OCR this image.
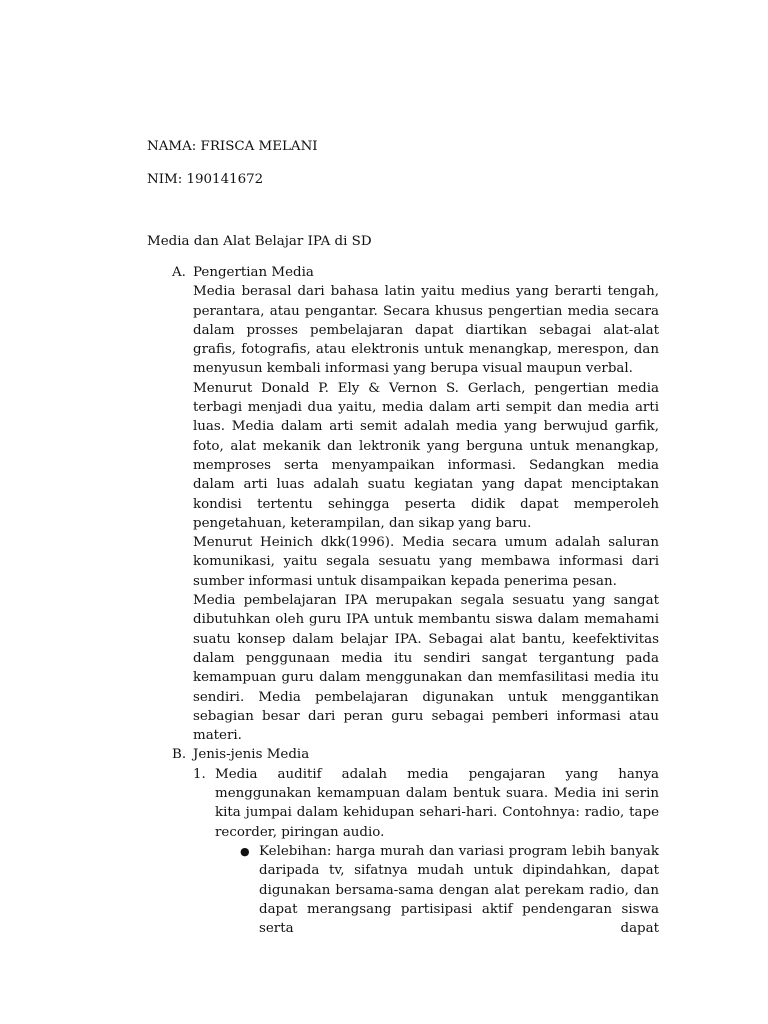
NAMA: FRISCA MELANI

NIM: 190141672

Media dan Alat Belajar IPA di SD

A. Pengertian Media
Media berasal dari bahasa latin yaitu medius yang berarti tengah, perantara, atau pengantar. Secara khusus pengertian media secara dalam prosses pembelajaran dapat diartikan sebagai alat-alat grafis, fotografis, atau elektronis untuk menangkap, merespon, dan menyusun kembali informasi yang berupa visual maupun verbal.
Menurut Donald P. Ely & Vernon S. Gerlach, pengertian media terbagi menjadi dua yaitu, media dalam arti sempit dan media arti luas. Media dalam arti semit adalah media yang berwujud garfik, foto, alat mekanik dan lektronik yang berguna untuk menangkap, memproses serta menyampaikan informasi. Sedangkan media dalam arti luas adalah suatu kegiatan yang dapat menciptakan kondisi tertentu sehingga peserta didik dapat memperoleh pengetahuan, keterampilan, dan sikap yang baru.
Menurut Heinich dkk(1996). Media secara umum adalah saluran komunikasi, yaitu segala sesuatu yang membawa informasi dari sumber informasi untuk disampaikan kepada penerima pesan.
Media pembelajaran IPA merupakan segala sesuatu yang sangat dibutuhkan oleh guru IPA untuk membantu siswa dalam memahami suatu konsep dalam belajar IPA. Sebagai alat bantu, keefektivitas dalam penggunaan media itu sendiri sangat tergantung pada kemampuan guru dalam menggunakan dan memfasilitasi media itu sendiri. Media pembelajaran digunakan untuk menggantikan sebagian besar dari peran guru sebagai pemberi informasi atau materi.
B. Jenis-jenis Media
1. Media auditif adalah media pengajaran yang hanya menggunakan kemampuan dalam bentuk suara. Media ini serin kita jumpai dalam kehidupan sehari-hari. Contohnya: radio, tape recorder, piringan audio.
● Kelebihan: harga murah dan variasi program lebih banyak daripada tv, sifatnya mudah untuk dipindahkan, dapat digunakan bersama-sama dengan alat perekam radio, dan dapat merangsang partisipasi aktif pendengaran siswa serta dapat
